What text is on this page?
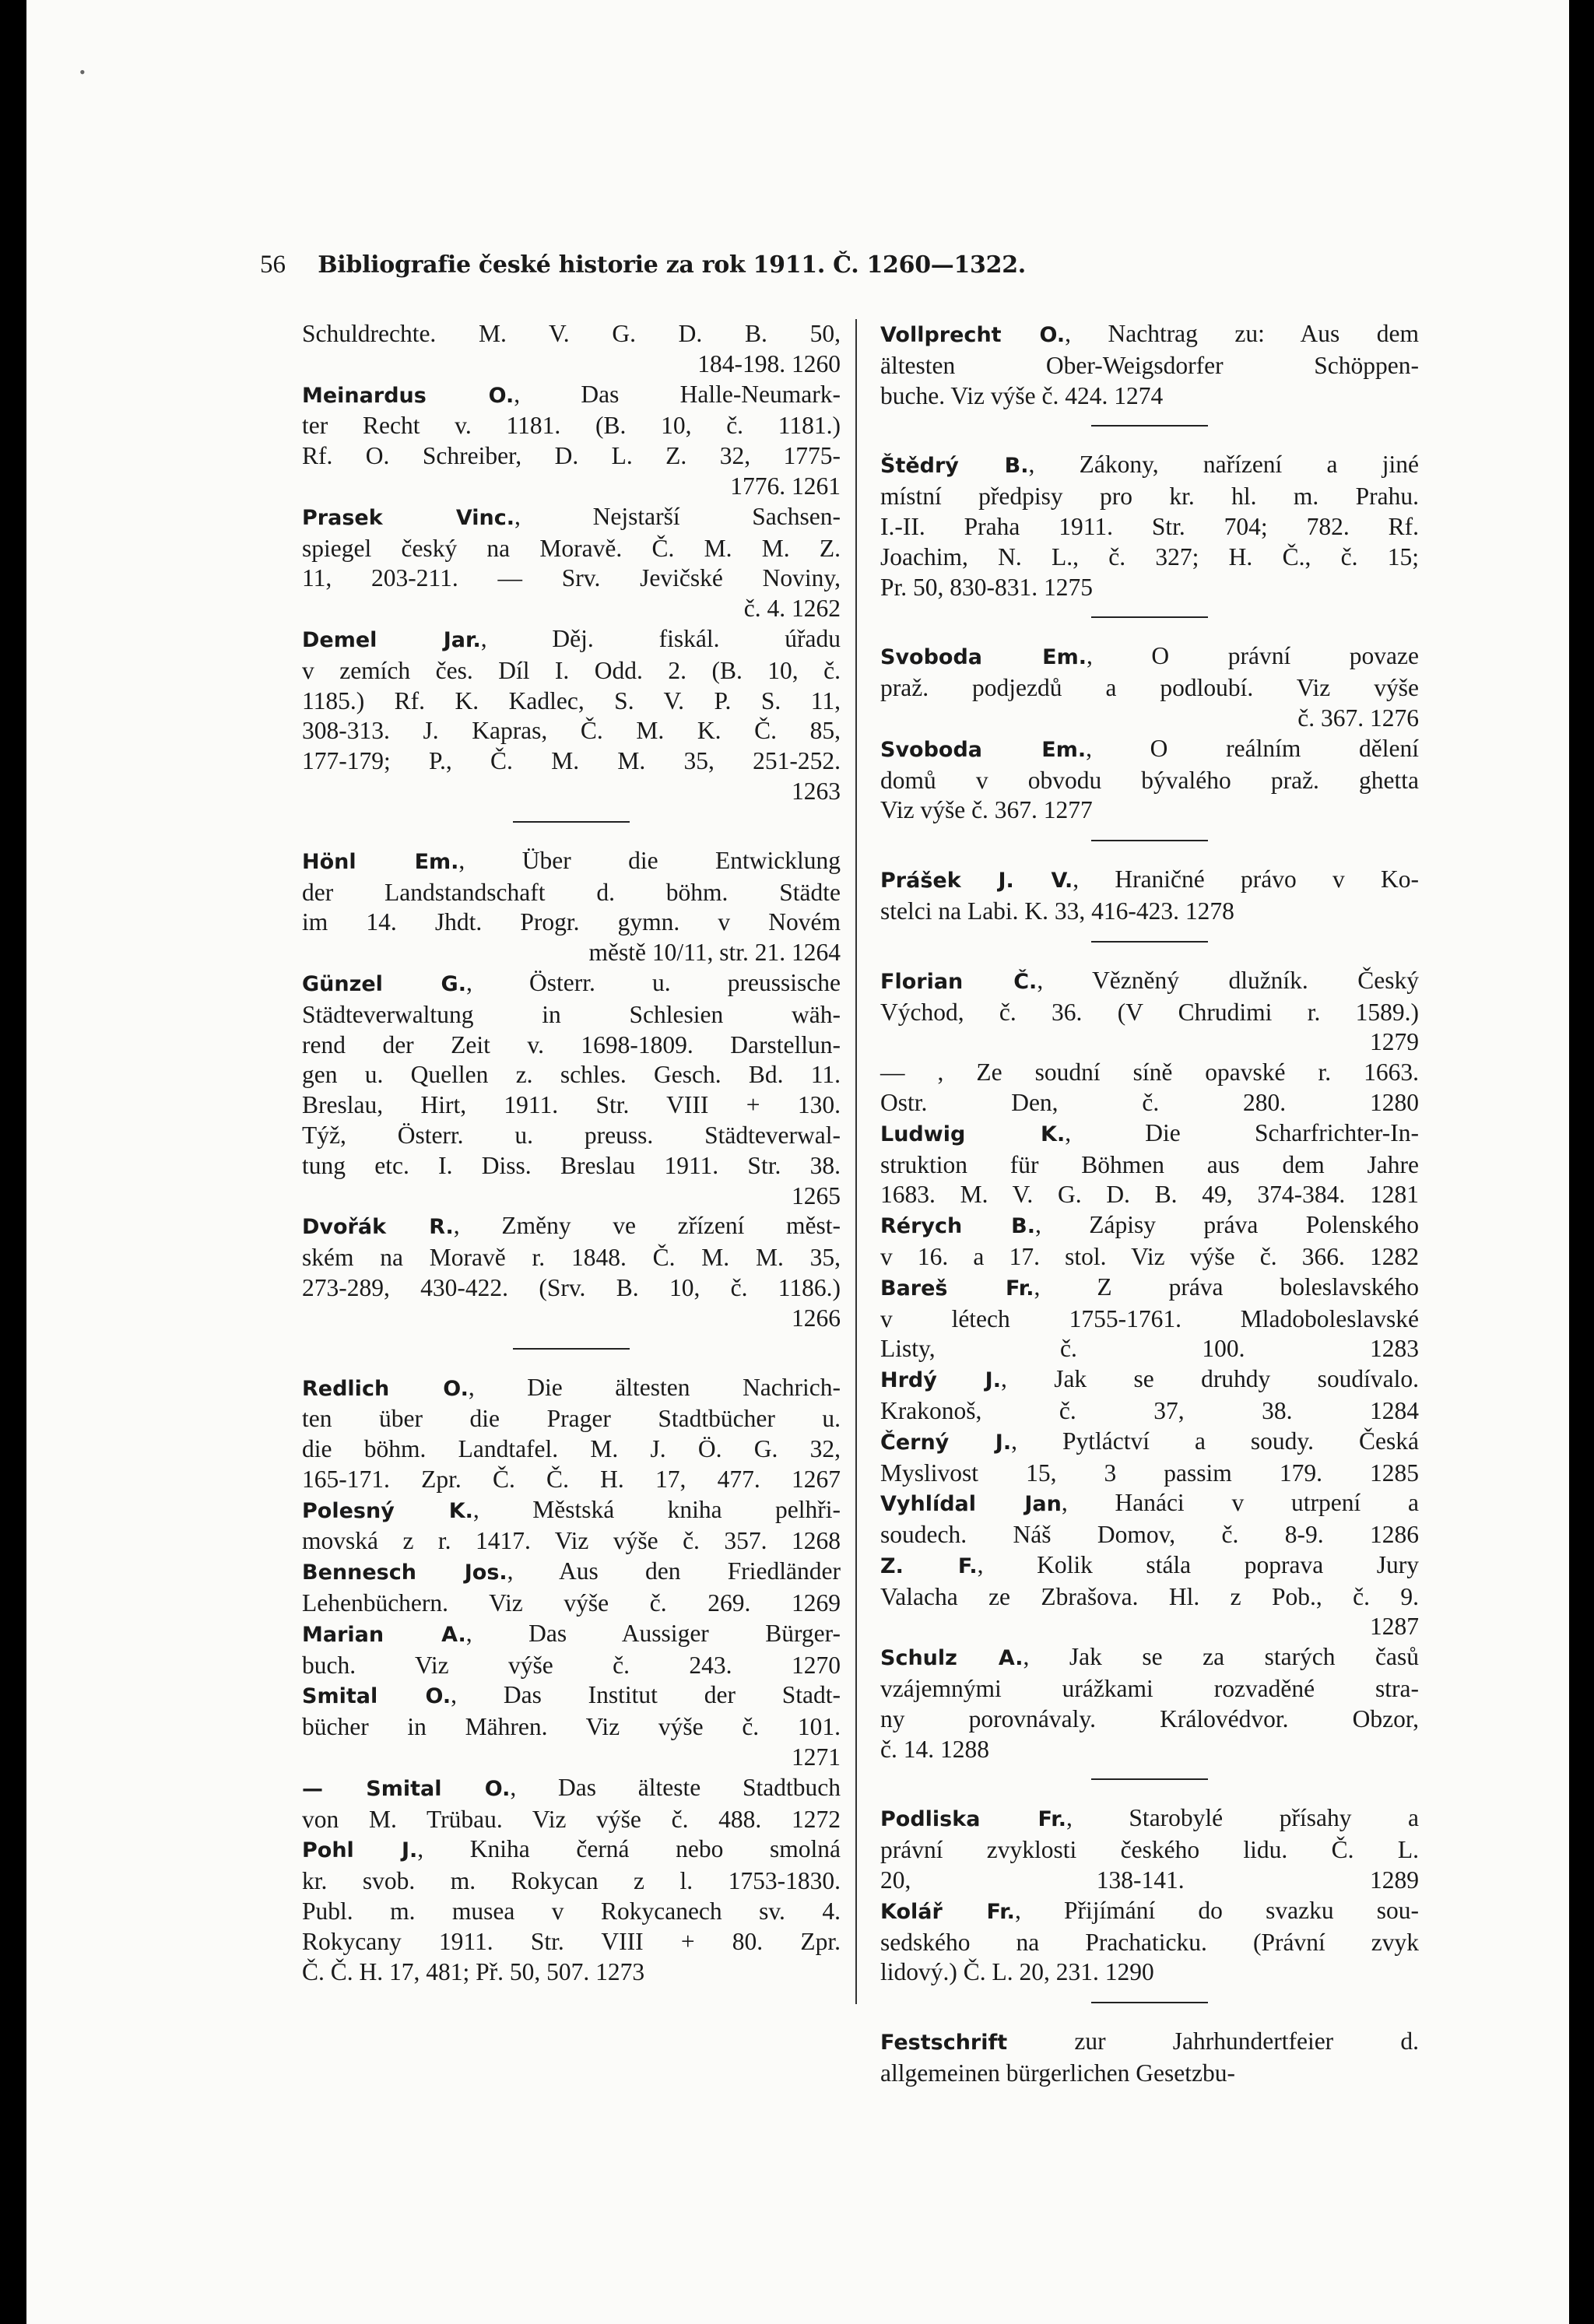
•
56 Bibliografie české historie za rok 1911. Č. 1260—1322.
Schuldrechte. M. V. G. D. B. 50,
184-198. 1260
Meinardus O., Das Halle-Neumark-
ter Recht v. 1181. (B. 10, č. 1181.)
Rf. O. Schreiber, D. L. Z. 32, 1775-
1776. 1261
Prasek Vinc., Nejstarší Sachsen-
spiegel český na Moravě. Č. M. M. Z.
11, 203-211. — Srv. Jevičské Noviny,
č. 4. 1262
Demel Jar., Děj. fiskál. úřadu
v zemích čes. Díl I. Odd. 2. (B. 10, č.
1185.) Rf. K. Kadlec, S. V. P. S. 11,
308-313. J. Kapras, Č. M. K. Č. 85,
177-179; P., Č. M. M. 35, 251-252.
1263
Hönl Em., Über die Entwicklung
der Landstandschaft d. böhm. Städte
im 14. Jhdt. Progr. gymn. v Novém
městě 10/11, str. 21. 1264
Günzel G., Österr. u. preussische
Städteverwaltung in Schlesien wäh-
rend der Zeit v. 1698-1809. Darstellun-
gen u. Quellen z. schles. Gesch. Bd. 11.
Breslau, Hirt, 1911. Str. VIII + 130.
Týž, Österr. u. preuss. Städteverwal-
tung etc. I. Diss. Breslau 1911. Str. 38.
1265
Dvořák R., Změny ve zřízení měst-
ském na Moravě r. 1848. Č. M. M. 35,
273-289, 430-422. (Srv. B. 10, č. 1186.)
1266
Redlich O., Die ältesten Nachrich-
ten über die Prager Stadtbücher u.
die böhm. Landtafel. M. J. Ö. G. 32,
165-171. Zpr. Č. Č. H. 17, 477. 1267
Polesný K., Městská kniha pelhři-
movská z r. 1417. Viz výše č. 357. 1268
Bennesch Jos., Aus den Friedländer
Lehenbüchern. Viz výše č. 269. 1269
Marian A., Das Aussiger Bürger-
buch. Viz výše č. 243. 1270
Smital O., Das Institut der Stadt-
bücher in Mähren. Viz výše č. 101.
1271
— Smital O., Das älteste Stadtbuch
von M. Trübau. Viz výše č. 488. 1272
Pohl J., Kniha černá nebo smolná
kr. svob. m. Rokycan z l. 1753-1830.
Publ. m. musea v Rokycanech sv. 4.
Rokycany 1911. Str. VIII + 80. Zpr.
Č. Č. H. 17, 481; Př. 50, 507. 1273
Vollprecht O., Nachtrag zu: Aus dem
ältesten Ober-Weigsdorfer Schöppen-
buche. Viz výše č. 424. 1274
Štědrý B., Zákony, nařízení a jiné
místní předpisy pro kr. hl. m. Prahu.
I.-II. Praha 1911. Str. 704; 782. Rf.
Joachim, N. L., č. 327; H. Č., č. 15;
Pr. 50, 830-831. 1275
Svoboda Em., O právní povaze
praž. podjezdů a podloubí. Viz výše
č. 367. 1276
Svoboda Em., O reálním dělení
domů v obvodu bývalého praž. ghetta
Viz výše č. 367. 1277
Prášek J. V., Hraničné právo v Ko-
stelci na Labi. K. 33, 416-423. 1278
Florian Č., Vězněný dlužník. Český
Východ, č. 36. (V Chrudimi r. 1589.)
1279
— , Ze soudní síně opavské r. 1663.
Ostr. Den, č. 280. 1280
Ludwig K., Die Scharfrichter-In-
struktion für Böhmen aus dem Jahre
1683. M. V. G. D. B. 49, 374-384. 1281
Rérych B., Zápisy práva Polenského
v 16. a 17. stol. Viz výše č. 366. 1282
Bareš Fr., Z práva boleslavského
v létech 1755-1761. Mladoboleslavské
Listy, č. 100. 1283
Hrdý J., Jak se druhdy soudívalo.
Krakonoš, č. 37, 38. 1284
Černý J., Pytláctví a soudy. Česká
Myslivost 15, 3 passim 179. 1285
Vyhlídal Jan, Hanáci v utrpení a
soudech. Náš Domov, č. 8-9. 1286
Z. F., Kolik stála poprava Jury
Valacha ze Zbrašova. Hl. z Pob., č. 9.
1287
Schulz A., Jak se za starých časů
vzájemnými urážkami rozvaděné stra-
ny porovnávaly. Královédvor. Obzor,
č. 14. 1288
Podliska Fr., Starobylé přísahy a
právní zvyklosti českého lidu. Č. L.
20, 138-141. 1289
Kolář Fr., Přijímání do svazku sou-
sedského na Prachaticku. (Právní zvyk
lidový.) Č. L. 20, 231. 1290
Festschrift zur Jahrhundertfeier d.
allgemeinen bürgerlichen Gesetzbu-
